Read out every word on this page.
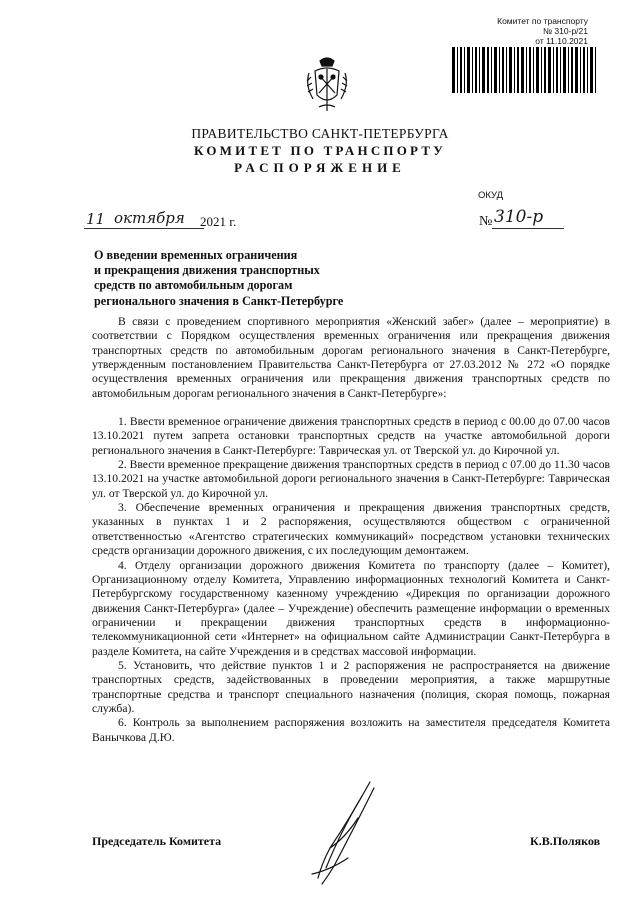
Комитет по транспорту
№ 310-р/21
от 11.10.2021
ПРАВИТЕЛЬСТВО САНКТ-ПЕТЕРБУРГА
КОМИТЕТ ПО ТРАНСПОРТУ
РАСПОРЯЖЕНИЕ
ОКУД
11 октября 2021 г.	№ 310-р
О введении временных ограничения
и прекращения движения транспортных
средств по автомобильным дорогам
регионального значения в Санкт-Петербурге

В связи с проведением спортивного мероприятия «Женский забег» (далее – мероприятие) в соответствии с Порядком осуществления временных ограничения или прекращения движения транспортных средств по автомобильным дорогам регионального значения в Санкт-Петербурге, утвержденным постановлением Правительства Санкт-Петербурга от 27.03.2012 № 272 «О порядке осуществления временных ограничения или прекращения движения транспортных средств по автомобильным дорогам регионального значения в Санкт-Петербурге»:

1. Ввести временное ограничение движения транспортных средств в период с 00.00 до 07.00 часов 13.10.2021 путем запрета остановки транспортных средств на участке автомобильной дороги регионального значения в Санкт-Петербурге: Таврическая ул. от Тверской ул. до Кирочной ул.

2. Ввести временное прекращение движения транспортных средств в период с 07.00 до 11.30 часов 13.10.2021 на участке автомобильной дороги регионального значения в Санкт-Петербурге: Таврическая ул. от Тверской ул. до Кирочной ул.

3. Обеспечение временных ограничения и прекращения движения транспортных средств, указанных в пунктах 1 и 2 распоряжения, осуществляются обществом с ограниченной ответственностью «Агентство стратегических коммуникаций» посредством установки технических средств организации дорожного движения, с их последующим демонтажем.

4. Отделу организации дорожного движения Комитета по транспорту (далее – Комитет), Организационному отделу Комитета, Управлению информационных технологий Комитета и Санкт-Петербургскому государственному казенному учреждению «Дирекция по организации дорожного движения Санкт-Петербурга» (далее – Учреждение) обеспечить размещение информации о временных ограничении и прекращении движения транспортных средств в информационно-телекоммуникационной сети «Интернет» на официальном сайте Администрации Санкт-Петербурга в разделе Комитета, на сайте Учреждения и в средствах массовой информации.

5. Установить, что действие пунктов 1 и 2 распоряжения не распространяется на движение транспортных средств, задействованных в проведении мероприятия, а также маршрутные транспортные средства и транспорт специального назначения (полиция, скорая помощь, пожарная служба).

6. Контроль за выполнением распоряжения возложить на заместителя председателя Комитета Ванычкова Д.Ю.

Председатель Комитета	К.В.Поляков
